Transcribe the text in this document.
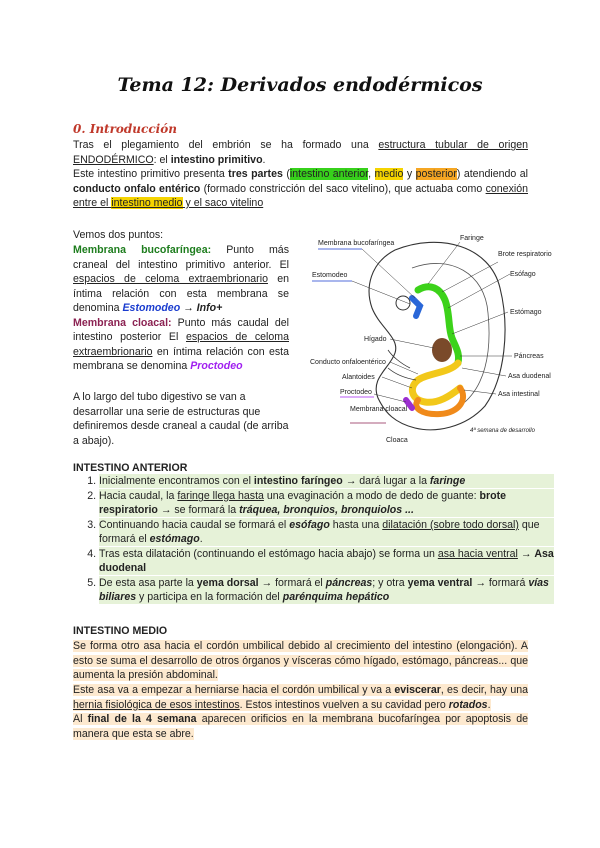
Tema 12: Derivados endodérmicos
0. Introducción
Tras el plegamiento del embrión se ha formado una estructura tubular de origen ENDODÉRMICO: el intestino primitivo.
Este intestino primitivo presenta tres partes (intestino anterior, medio y posterior) atendiendo al conducto onfalo entérico (formado constricción del saco vitelino), que actuaba como conexión entre el intestino medio y el saco vitelino
Vemos dos puntos:
Membrana bucofaríngea: Punto más craneal del intestino primitivo anterior. El espacios de celoma extraembrionario en íntima relación con esta membrana se denomina Estomodeo → Info+
Membrana cloacal: Punto más caudal del intestino posterior El espacios de celoma extraembrionario en íntima relación con esta membrana se denomina Proctodeo
A lo largo del tubo digestivo se van a desarrollar una serie de estructuras que definiremos desde craneal a caudal (de arriba a abajo).
Membrana bucofaríngea
Estomodeo
Hígado
Conducto onfaloentérico
Alantoides
Proctodeo
Membrana cloacal
Cloaca
Faringe
Brote respiratorio
Esófago
Estómago
Páncreas
Asa duodenal
Asa intestinal
4ª semana de desarrollo
INTESTINO ANTERIOR
1. Inicialmente encontramos con el intestino faríngeo → dará lugar a la faringe
2. Hacia caudal, la faringe llega hasta una evaginación a modo de dedo de guante: brote respiratorio → se formará la tráquea, bronquios, bronquiolos ...
3. Continuando hacia caudal se formará el esófago hasta una dilatación (sobre todo dorsal) que formará el estómago.
4. Tras esta dilatación (continuando el estómago hacia abajo) se forma un asa hacia ventral → Asa duodenal
5. De esta asa parte la yema dorsal → formará el páncreas; y otra yema ventral → formará vías biliares y participa en la formación del parénquima hepático
INTESTINO MEDIO
Se forma otro asa hacia el cordón umbilical debido al crecimiento del intestino (elongación). A esto se suma el desarrollo de otros órganos y vísceras cómo hígado, estómago, páncreas... que aumenta la presión abdominal.
Este asa va a empezar a herniarse hacia el cordón umbilical y va a eviscerar, es decir, hay una hernia fisiológica de esos intestinos. Estos intestinos vuelven a su cavidad pero rotados.
Al final de la 4 semana aparecen orificios en la membrana bucofaríngea por apoptosis de manera que esta se abre.
